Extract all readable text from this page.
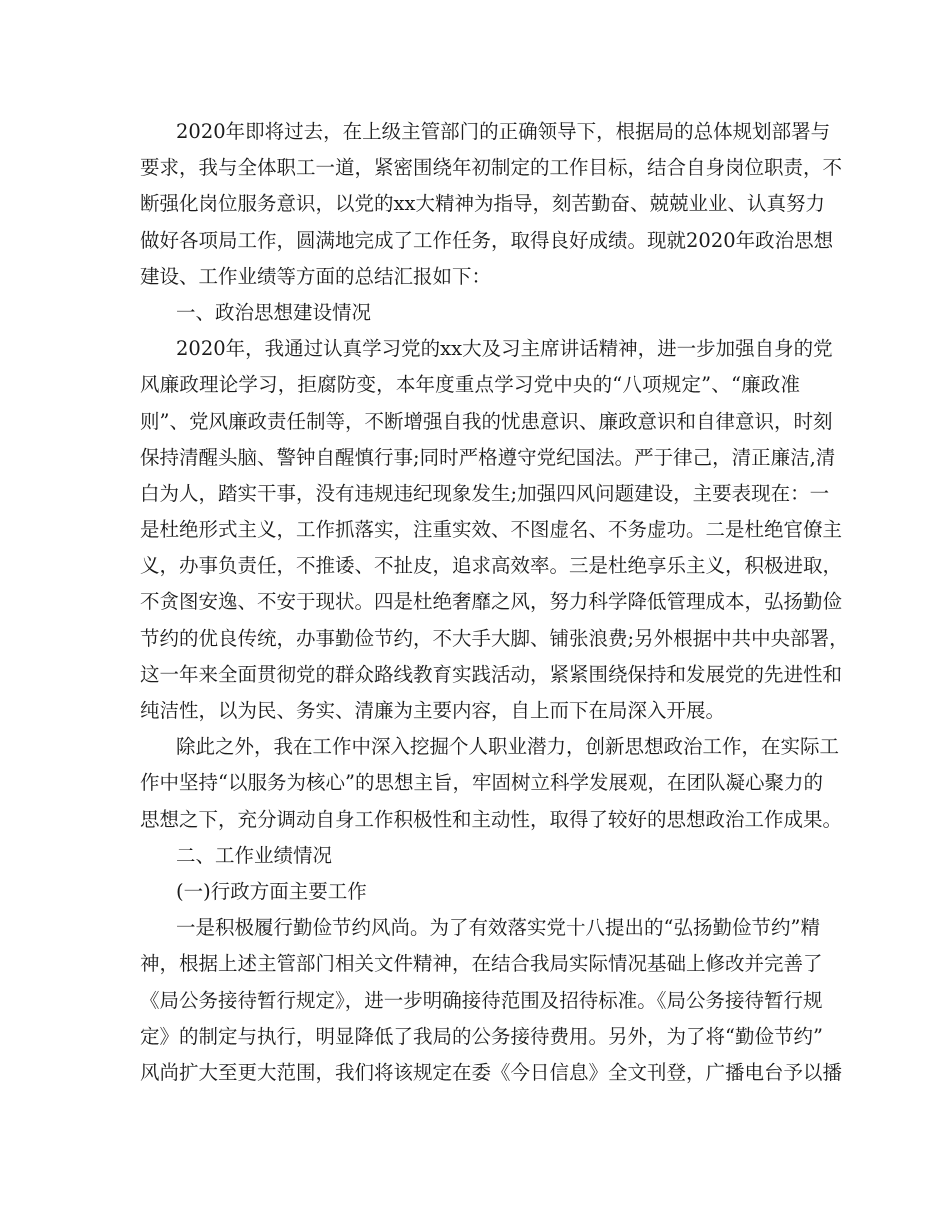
2020年即将过去，在上级主管部门的正确领导下，根据局的总体规划部署与
要求，我与全体职工一道，紧密围绕年初制定的工作目标，结合自身岗位职责，不
断强化岗位服务意识，以党的xx大精神为指导，刻苦勤奋、兢兢业业、认真努力
做好各项局工作，圆满地完成了工作任务，取得良好成绩。现就2020年政治思想
建设、工作业绩等方面的总结汇报如下：
一、政治思想建设情况
2020年，我通过认真学习党的xx大及习主席讲话精神，进一步加强自身的党
风廉政理论学习，拒腐防变，本年度重点学习党中央的“八项规定”、“廉政准
则”、党风廉政责任制等，不断增强自我的忧患意识、廉政意识和自律意识，时刻
保持清醒头脑、警钟自醒慎行事;同时严格遵守党纪国法。严于律己，清正廉洁,清
白为人，踏实干事，没有违规违纪现象发生;加强四风问题建设，主要表现在：一
是杜绝形式主义，工作抓落实，注重实效、不图虚名、不务虚功。二是杜绝官僚主
义，办事负责任，不推诿、不扯皮，追求高效率。三是杜绝享乐主义，积极进取，
不贪图安逸、不安于现状。四是杜绝奢靡之风，努力科学降低管理成本，弘扬勤俭
节约的优良传统，办事勤俭节约，不大手大脚、铺张浪费;另外根据中共中央部署，
这一年来全面贯彻党的群众路线教育实践活动，紧紧围绕保持和发展党的先进性和
纯洁性，以为民、务实、清廉为主要内容，自上而下在局深入开展。
除此之外，我在工作中深入挖掘个人职业潜力，创新思想政治工作，在实际工
作中坚持“以服务为核心”的思想主旨，牢固树立科学发展观，在团队凝心聚力的
思想之下，充分调动自身工作积极性和主动性，取得了较好的思想政治工作成果。
二、工作业绩情况
(一)行政方面主要工作
一是积极履行勤俭节约风尚。为了有效落实党十八提出的“弘扬勤俭节约”精
神，根据上述主管部门相关文件精神，在结合我局实际情况基础上修改并完善了
《局公务接待暂行规定》，进一步明确接待范围及招待标准。《局公务接待暂行规
定》的制定与执行，明显降低了我局的公务接待费用。另外，为了将“勤俭节约”
风尚扩大至更大范围，我们将该规定在委《今日信息》全文刊登，广播电台予以播
